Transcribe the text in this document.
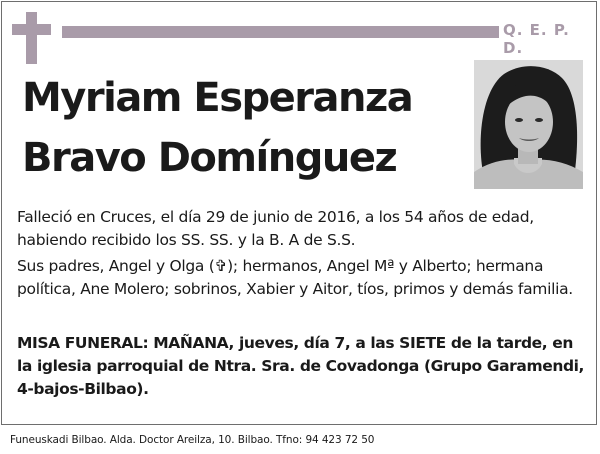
Q. E. P. D.
Myriam Esperanza
Bravo Domínguez
Falleció en Cruces, el día 29 de junio de 2016, a los 54 años de edad, habiendo recibido los SS. SS. y la B. A de S.S.
Sus padres, Angel y Olga (✞); hermanos, Angel Mª y Alberto; hermana política, Ane Molero; sobrinos, Xabier y Aitor, tíos, primos y demás familia.
MISA FUNERAL: MAÑANA, jueves, día 7, a las SIETE de la tarde, en la iglesia parroquial de Ntra. Sra. de Covadonga (Grupo Garamendi, 4-bajos-Bilbao).
Funeuskadi Bilbao. Alda. Doctor Areilza, 10. Bilbao. Tfno: 94 423 72 50
